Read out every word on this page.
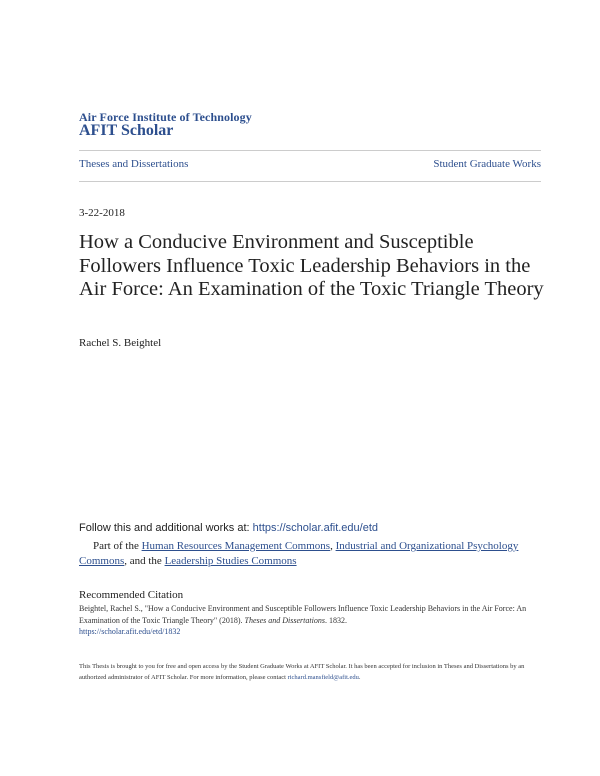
Air Force Institute of Technology
AFIT Scholar
Theses and Dissertations	Student Graduate Works
3-22-2018
How a Conducive Environment and Susceptible Followers Influence Toxic Leadership Behaviors in the Air Force: An Examination of the Toxic Triangle Theory
Rachel S. Beightel
Follow this and additional works at: https://scholar.afit.edu/etd
Part of the Human Resources Management Commons, Industrial and Organizational Psychology Commons, and the Leadership Studies Commons
Recommended Citation
Beightel, Rachel S., "How a Conducive Environment and Susceptible Followers Influence Toxic Leadership Behaviors in the Air Force: An Examination of the Toxic Triangle Theory" (2018). Theses and Dissertations. 1832.
https://scholar.afit.edu/etd/1832
This Thesis is brought to you for free and open access by the Student Graduate Works at AFIT Scholar. It has been accepted for inclusion in Theses and Dissertations by an authorized administrator of AFIT Scholar. For more information, please contact richard.mansfield@afit.edu.
